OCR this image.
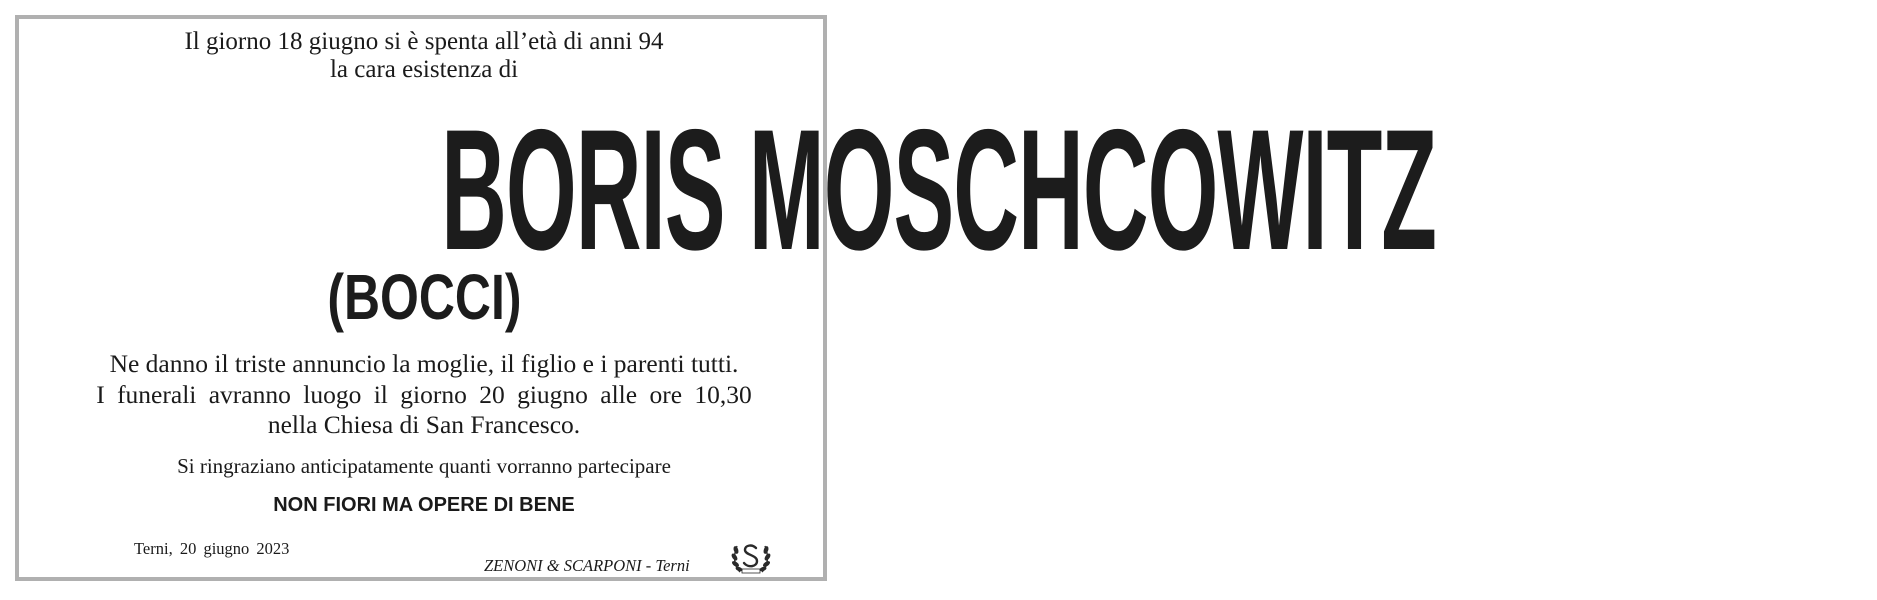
Il giorno 18 giugno si è spenta all’età di anni 94
la cara esistenza di
BORIS MOSCHCOWITZ
(BOCCI)
Ne danno il triste annuncio la moglie, il figlio e i parenti tutti.
I funerali avranno luogo il giorno 20 giugno alle ore 10,30
nella Chiesa di San Francesco.
Si ringraziano anticipatamente quanti vorranno partecipare
NON FIORI MA OPERE DI BENE
Terni, 20 giugno 2023
ZENONI & SCARPONI - Terni
